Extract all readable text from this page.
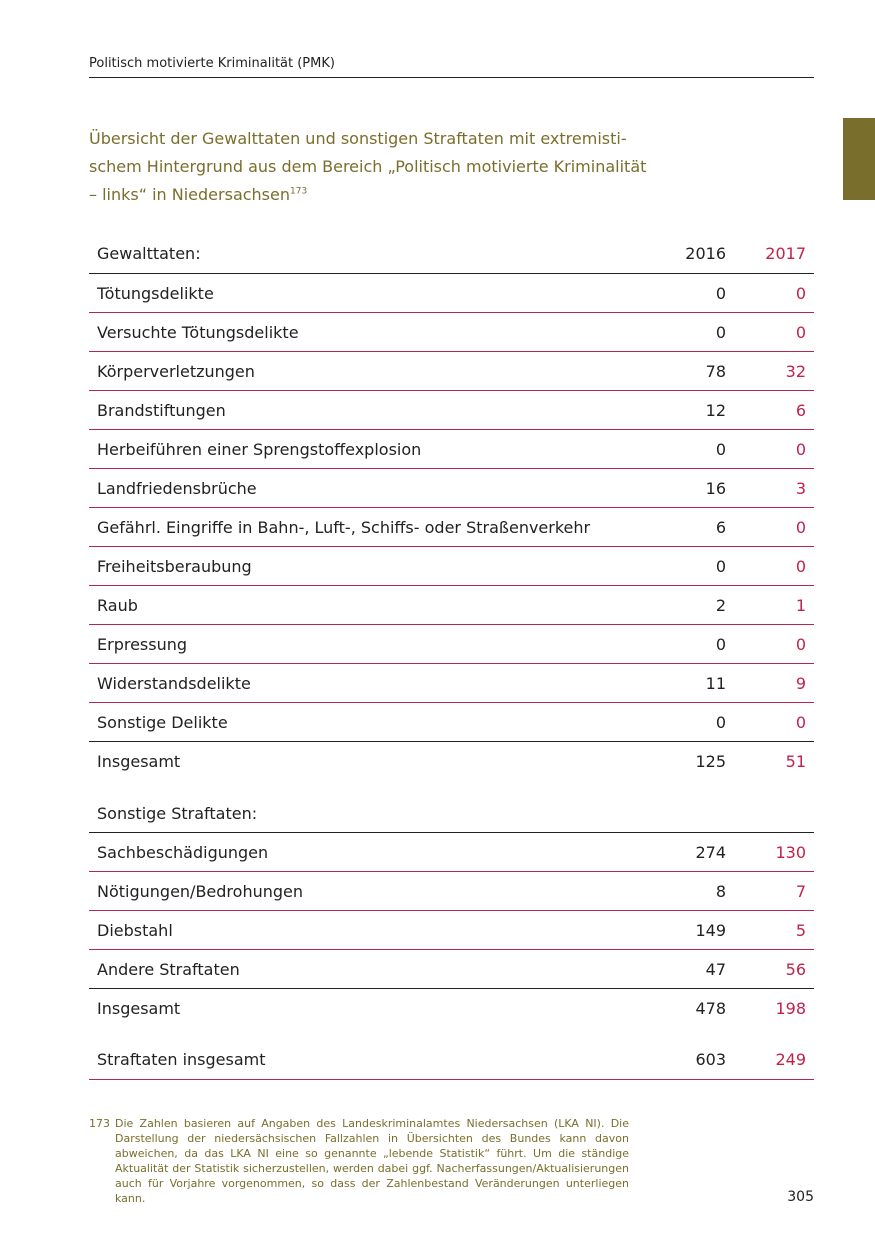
Politisch motivierte Kriminalität (PMK)
Übersicht der Gewalttaten und sonstigen Straftaten mit extremistischem Hintergrund aus dem Bereich „Politisch motivierte Kriminalität – links“ in Niedersachsen$^{173}$
Gewalttaten:	2016	2017
Tötungsdelikte	0	0
Versuchte Tötungsdelikte	0	0
Körperverletzungen	78	32
Brandstiftungen	12	6
Herbeiführen einer Sprengstoffexplosion	0	0
Landfriedensbrüche	16	3
Gefährl. Eingriffe in Bahn-, Luft-, Schiffs- oder Straßenverkehr	6	0
Freiheitsberaubung	0	0
Raub	2	1
Erpressung	0	0
Widerstandsdelikte	11	9
Sonstige Delikte	0	0
Insgesamt	125	51
Sonstige Straftaten:		
Sachbeschädigungen	274	130
Nötigungen/Bedrohungen	8	7
Diebstahl	149	5
Andere Straftaten	47	56
Insgesamt	478	198
Straftaten insgesamt	603	249
173 Die Zahlen basieren auf Angaben des Landeskriminalamtes Niedersachsen (LKA NI). Die Darstellung der niedersächsischen Fallzahlen in Übersichten des Bundes kann davon abweichen, da das LKA NI eine so genannte „lebende Statistik“ führt. Um die ständige Aktualität der Statistik sicherzustellen, werden dabei ggf. Nacherfassungen/Aktualisierungen auch für Vorjahre vorgenommen, so dass der Zahlenbestand Veränderungen unterliegen kann.	305
